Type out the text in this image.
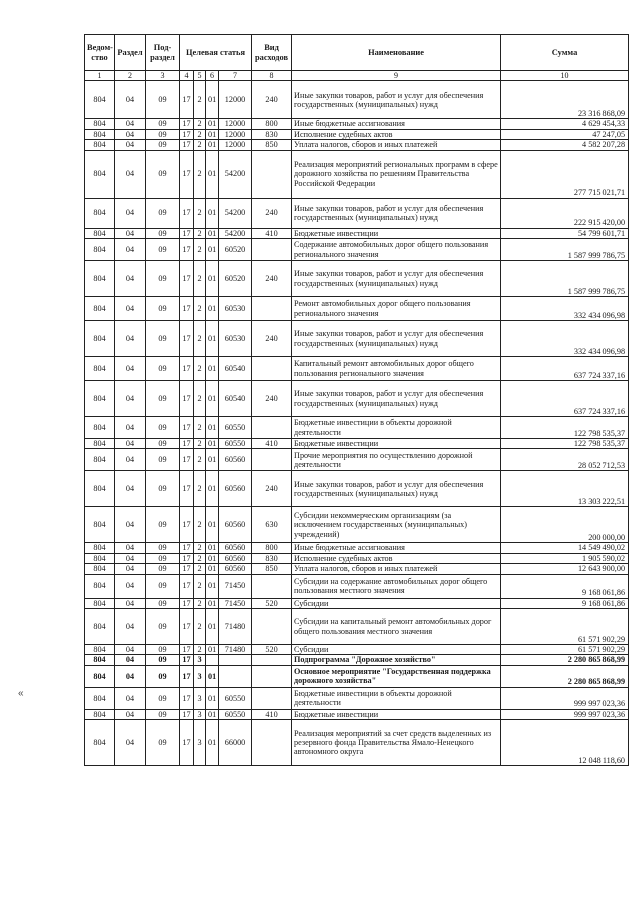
«
Ведом-ство	Раздел	Под-раздел	Целевая статья				Вид расходов	Наименование	Сумма

1	2	3	4	5	6	7	8	9	10
804	04	09	17	2	01	12000	240	Иные закупки товаров, работ и услуг для обеспечения государственных (муниципальных) нужд	23 316 868,09
804	04	09	17	2	01	12000	800	Иные бюджетные ассигнования	4 629 454,33
804	04	09	17	2	01	12000	830	Исполнение судебных актов	47 247,05
804	04	09	17	2	01	12000	850	Уплата налогов, сборов и иных платежей	4 582 207,28
804	04	09	17	2	01	54200		Реализация мероприятий региональных программ в сфере дорожного хозяйства по решениям Правительства Российской Федерации	277 715 021,71
804	04	09	17	2	01	54200	240	Иные закупки товаров, работ и услуг для обеспечения государственных (муниципальных) нужд	222 915 420,00
804	04	09	17	2	01	54200	410	Бюджетные инвестиции	54 799 601,71
804	04	09	17	2	01	60520		Содержание автомобильных дорог общего пользования регионального значения	1 587 999 786,75
804	04	09	17	2	01	60520	240	Иные закупки товаров, работ и услуг для обеспечения государственных (муниципальных) нужд	1 587 999 786,75
804	04	09	17	2	01	60530		Ремонт автомобильных дорог общего пользования регионального значения	332 434 096,98
804	04	09	17	2	01	60530	240	Иные закупки товаров, работ и услуг для обеспечения государственных (муниципальных) нужд	332 434 096,98
804	04	09	17	2	01	60540		Капитальный ремонт автомобильных дорог общего пользования регионального значения	637 724 337,16
804	04	09	17	2	01	60540	240	Иные закупки товаров, работ и услуг для обеспечения государственных (муниципальных) нужд	637 724 337,16
804	04	09	17	2	01	60550		Бюджетные инвестиции в объекты дорожной деятельности	122 798 535,37
804	04	09	17	2	01	60550	410	Бюджетные инвестиции	122 798 535,37
804	04	09	17	2	01	60560		Прочие мероприятия по осуществлению дорожной деятельности	28 052 712,53
804	04	09	17	2	01	60560	240	Иные закупки товаров, работ и услуг для обеспечения государственных (муниципальных) нужд	13 303 222,51
804	04	09	17	2	01	60560	630	Субсидии некоммерческим организациям (за исключением государственных (муниципальных) учреждений)	200 000,00
804	04	09	17	2	01	60560	800	Иные бюджетные ассигнования	14 549 490,02
804	04	09	17	2	01	60560	830	Исполнение судебных актов	1 905 590,02
804	04	09	17	2	01	60560	850	Уплата налогов, сборов и иных платежей	12 643 900,00
804	04	09	17	2	01	71450		Субсидии на содержание автомобильных дорог общего пользования местного значения	9 168 061,86
804	04	09	17	2	01	71450	520	Субсидии	9 168 061,86
804	04	09	17	2	01	71480		Субсидии на капитальный ремонт автомобильных дорог общего пользования местного значения	61 571 902,29
804	04	09	17	2	01	71480	520	Субсидии	61 571 902,29
804	04	09	17	3				Подпрограмма "Дорожное хозяйство"	2 280 865 868,99
804	04	09	17	3	01			Основное мероприятие "Государственная поддержка дорожного хозяйства"	2 280 865 868,99
804	04	09	17	3	01	60550		Бюджетные инвестиции в объекты дорожной деятельности	999 997 023,36
804	04	09	17	3	01	60550	410	Бюджетные инвестиции	999 997 023,36
804	04	09	17	3	01	66000		Реализация мероприятий за счет средств выделенных из резервного фонда Правительства Ямало-Ненецкого автономного округа	12 048 118,60
